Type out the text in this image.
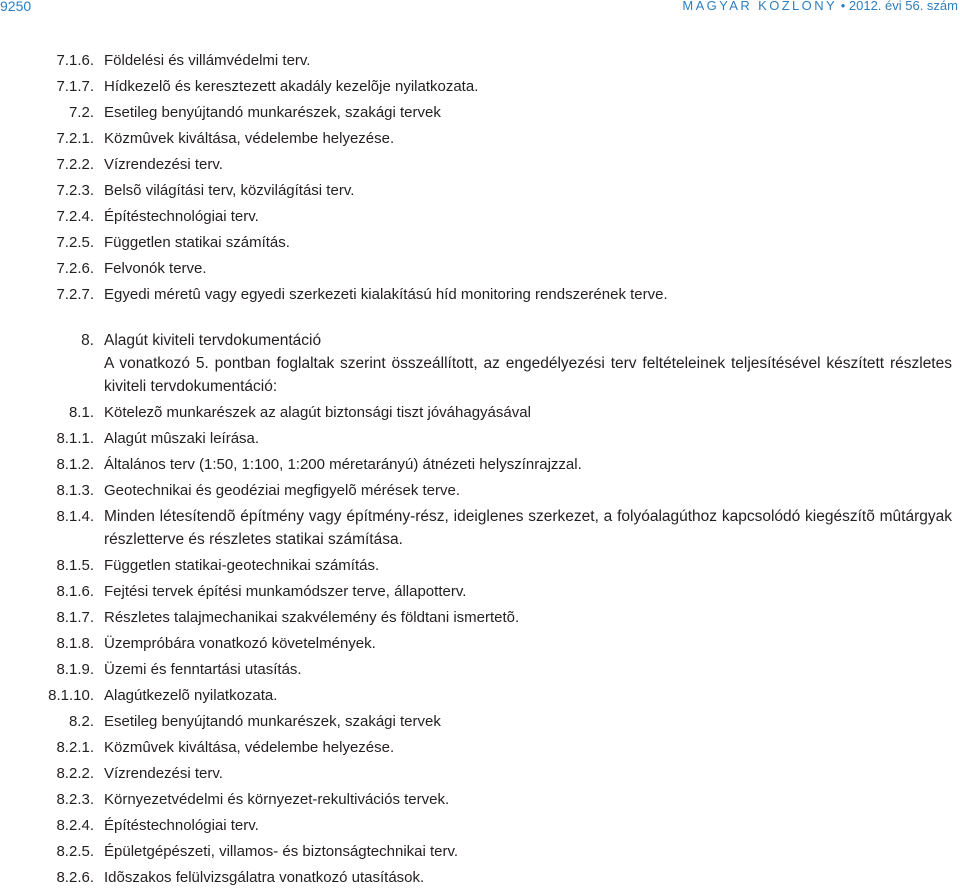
9250	MAGYAR KÖZLÖNY • 2012. évi 56. szám
7.1.6. Földelési és villámvédelmi terv.
7.1.7. Hídkezelõ és keresztezett akadály kezelõje nyilatkozata.
7.2. Esetileg benyújtandó munkarészek, szakági tervek
7.2.1. Közmûvek kiváltása, védelembe helyezése.
7.2.2. Vízrendezési terv.
7.2.3. Belsõ világítási terv, közvilágítási terv.
7.2.4. Építéstechnológiai terv.
7.2.5. Független statikai számítás.
7.2.6. Felvonók terve.
7.2.7. Egyedi méretû vagy egyedi szerkezeti kialakítású híd monitoring rendszerének terve.
8. Alagút kiviteli tervdokumentáció
A vonatkozó 5. pontban foglaltak szerint összeállított, az engedélyezési terv feltételeinek teljesítésével készített részletes kiviteli tervdokumentáció:
8.1. Kötelezõ munkarészek az alagút biztonsági tiszt jóváhagyásával
8.1.1. Alagút mûszaki leírása.
8.1.2. Általános terv (1:50, 1:100, 1:200 méretarányú) átnézeti helyszínrajzzal.
8.1.3. Geotechnikai és geodéziai megfigyelõ mérések terve.
8.1.4. Minden létesítendõ építmény vagy építmény-rész, ideiglenes szerkezet, a folyóalagúthoz kapcsolódó kiegészítõ mûtárgyak részletterve és részletes statikai számítása.
8.1.5. Független statikai-geotechnikai számítás.
8.1.6. Fejtési tervek építési munkamódszer terve, állapotterv.
8.1.7. Részletes talajmechanikai szakvélemény és földtani ismertetõ.
8.1.8. Üzempróbára vonatkozó követelmények.
8.1.9. Üzemi és fenntartási utasítás.
8.1.10. Alagútkezelõ nyilatkozata.
8.2. Esetileg benyújtandó munkarészek, szakági tervek
8.2.1. Közmûvek kiváltása, védelembe helyezése.
8.2.2. Vízrendezési terv.
8.2.3. Környezetvédelmi és környezet-rekultivációs tervek.
8.2.4. Építéstechnológiai terv.
8.2.5. Épületgépészeti, villamos- és biztonságtechnikai terv.
8.2.6. Idõszakos felülvizsgálatra vonatkozó utasítások.
